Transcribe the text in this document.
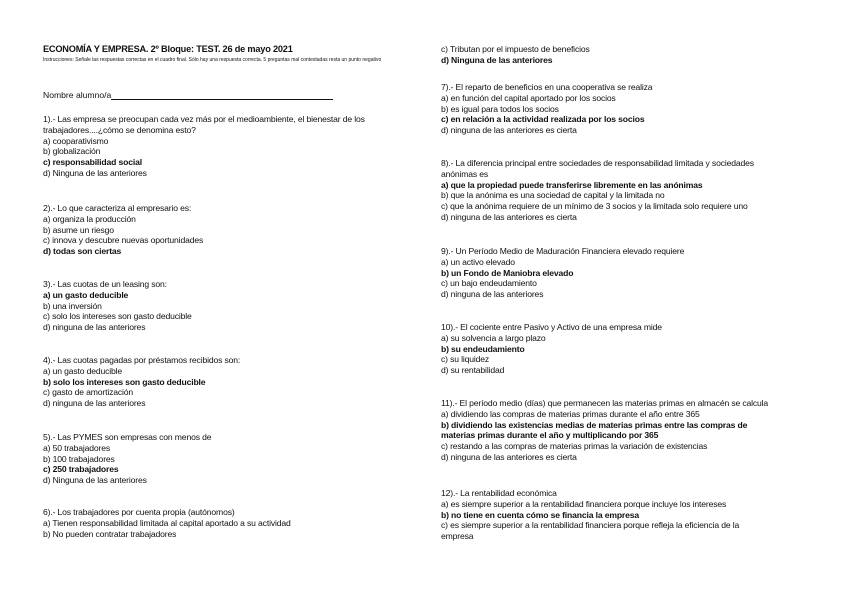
ECONOMÍA Y EMPRESA. 2º Bloque: TEST. 26 de mayo 2021
Instrucciones: Señale las respuestas correctas en el cuadro final. Sólo hay una respuesta correcta. 5 preguntas mal contestadas resta un punto negativo
Nombre alumno/a
1).- Las empresa se preocupan cada vez más por el medioambiente, el bienestar de los trabajadores....¿cómo se denomina esto?
a) cooparativismo
b) globalización
c) responsabilidad social
d) Ninguna de las anteriores
2).- Lo que caracteriza al empresario es:
a) organiza la producción
b) asume un riesgo
c) innova y descubre nuevas oportunidades
d) todas son ciertas
3).- Las cuotas de un leasing son:
a) un gasto deducible
b) una inversión
c) solo los intereses son gasto deducible
d) ninguna de las anteriores
4).- Las cuotas pagadas por préstamos recibidos son:
a) un gasto deducible
b) solo los intereses son gasto deducible
c) gasto de amortización
d) ninguna de las anteriores
5).- Las PYMES son empresas con menos de
a) 50 trabajadores
b) 100 trabajadores
c) 250 trabajadores
d) Ninguna de las anteriores
6).- Los trabajadores por cuenta propia (autónomos)
a) Tienen responsabilidad limitada al capital aportado a su actividad
b) No pueden contratar trabajadores
c) Tributan por el impuesto de beneficios
d) Ninguna de las anteriores
7).- El reparto de beneficios en una cooperativa se realiza
a) en función del capital aportado por los socios
b) es igual para todos los socios
c) en relación a la actividad realizada por los socios
d) ninguna de las anteriores es cierta
8).- La diferencia principal entre sociedades de responsabilidad limitada y sociedades
anónimas es
a) que la propiedad puede transferirse libremente en las anónimas
b) que la anónima es una sociedad de capital y la limitada no
c) que la anónima requiere de un mínimo de 3 socios y la limitada solo requiere uno
d) ninguna de las anteriores es cierta
9).- Un Período Medio de Maduración Financiera elevado requiere
a) un activo elevado
b) un Fondo de Maniobra elevado
c) un bajo endeudamiento
d) ninguna de las anteriores
10).- El cociente entre Pasivo y Activo de una empresa mide
a) su solvencia a largo plazo
b) su endeudamiento
c) su liquidez
d) su rentabilidad
11).- El período medio (días) que permanecen las materias primas en almacén se calcula
a) dividiendo las compras de materias primas durante el año entre 365
b) dividiendo las existencias medias de materias primas entre las compras de
materias primas durante el año y multiplicando por 365
c) restando a las compras de materias primas la variación de existencias
d) ninguna de las anteriores es cierta
12).- La rentabilidad económica
a) es siempre superior a la rentabilidad financiera porque incluye los intereses
b) no tiene en cuenta cómo se financia la empresa
c) es siempre superior a la rentabilidad financiera porque refleja la eficiencia de la
empresa
